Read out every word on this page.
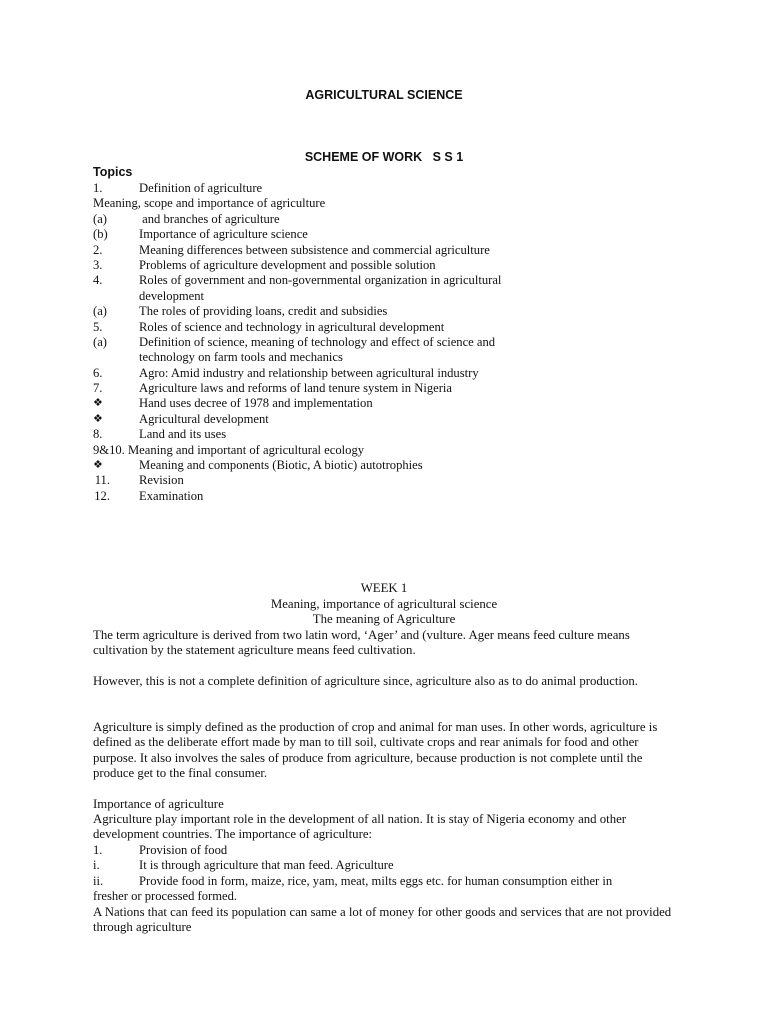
AGRICULTURAL SCIENCE
SCHEME OF WORK   S S 1
Topics
1.	Definition of agriculture
Meaning, scope and importance of agriculture
(a)	and branches of agriculture
(b) Importance of agriculture science
2.	Meaning differences between subsistence and commercial agriculture
3.	Problems of agriculture development and possible solution
4.	Roles of government and non-governmental organization in agricultural
development
(a)	The roles of providing loans, credit and subsidies
5.	Roles of science and technology in agricultural development
(a)	Definition of science, meaning of technology and effect of science and
technology on farm tools and mechanics
6.	Agro: Amid industry and relationship between agricultural industry
7.	Agriculture laws and reforms of land tenure system in Nigeria
❖	Hand uses decree of 1978 and implementation
❖	Agricultural development
8.	Land and its uses
9&10. Meaning and important of agricultural ecology
❖	Meaning and components (Biotic, A biotic) autotrophies
11. Revision
12. Examination
WEEK 1
Meaning, importance of agricultural science
The meaning of Agriculture
The term agriculture is derived from two latin word, ‘Ager’ and (vulture. Ager means feed culture means cultivation by the statement agriculture means feed cultivation.
However, this is not a complete definition of agriculture since, agriculture also as to do animal production.
Agriculture is simply defined as the production of crop and animal for man uses. In other words, agriculture is defined as the deliberate effort made by man to till soil, cultivate crops and rear animals for food and other purpose. It also involves the sales of produce from agriculture, because production is not complete until the produce get to the final consumer.
Importance of agriculture
Agriculture play important role in the development of all nation. It is stay of Nigeria economy and other development countries. The importance of agriculture:
1.	Provision of food
i.	It is through agriculture that man feed. Agriculture
ii.	Provide food in form, maize, rice, yam, meat, milts eggs etc. for human consumption either in
fresher or processed formed.
A Nations that can feed its population can same a lot of money for other goods and services that are not provided through agriculture
